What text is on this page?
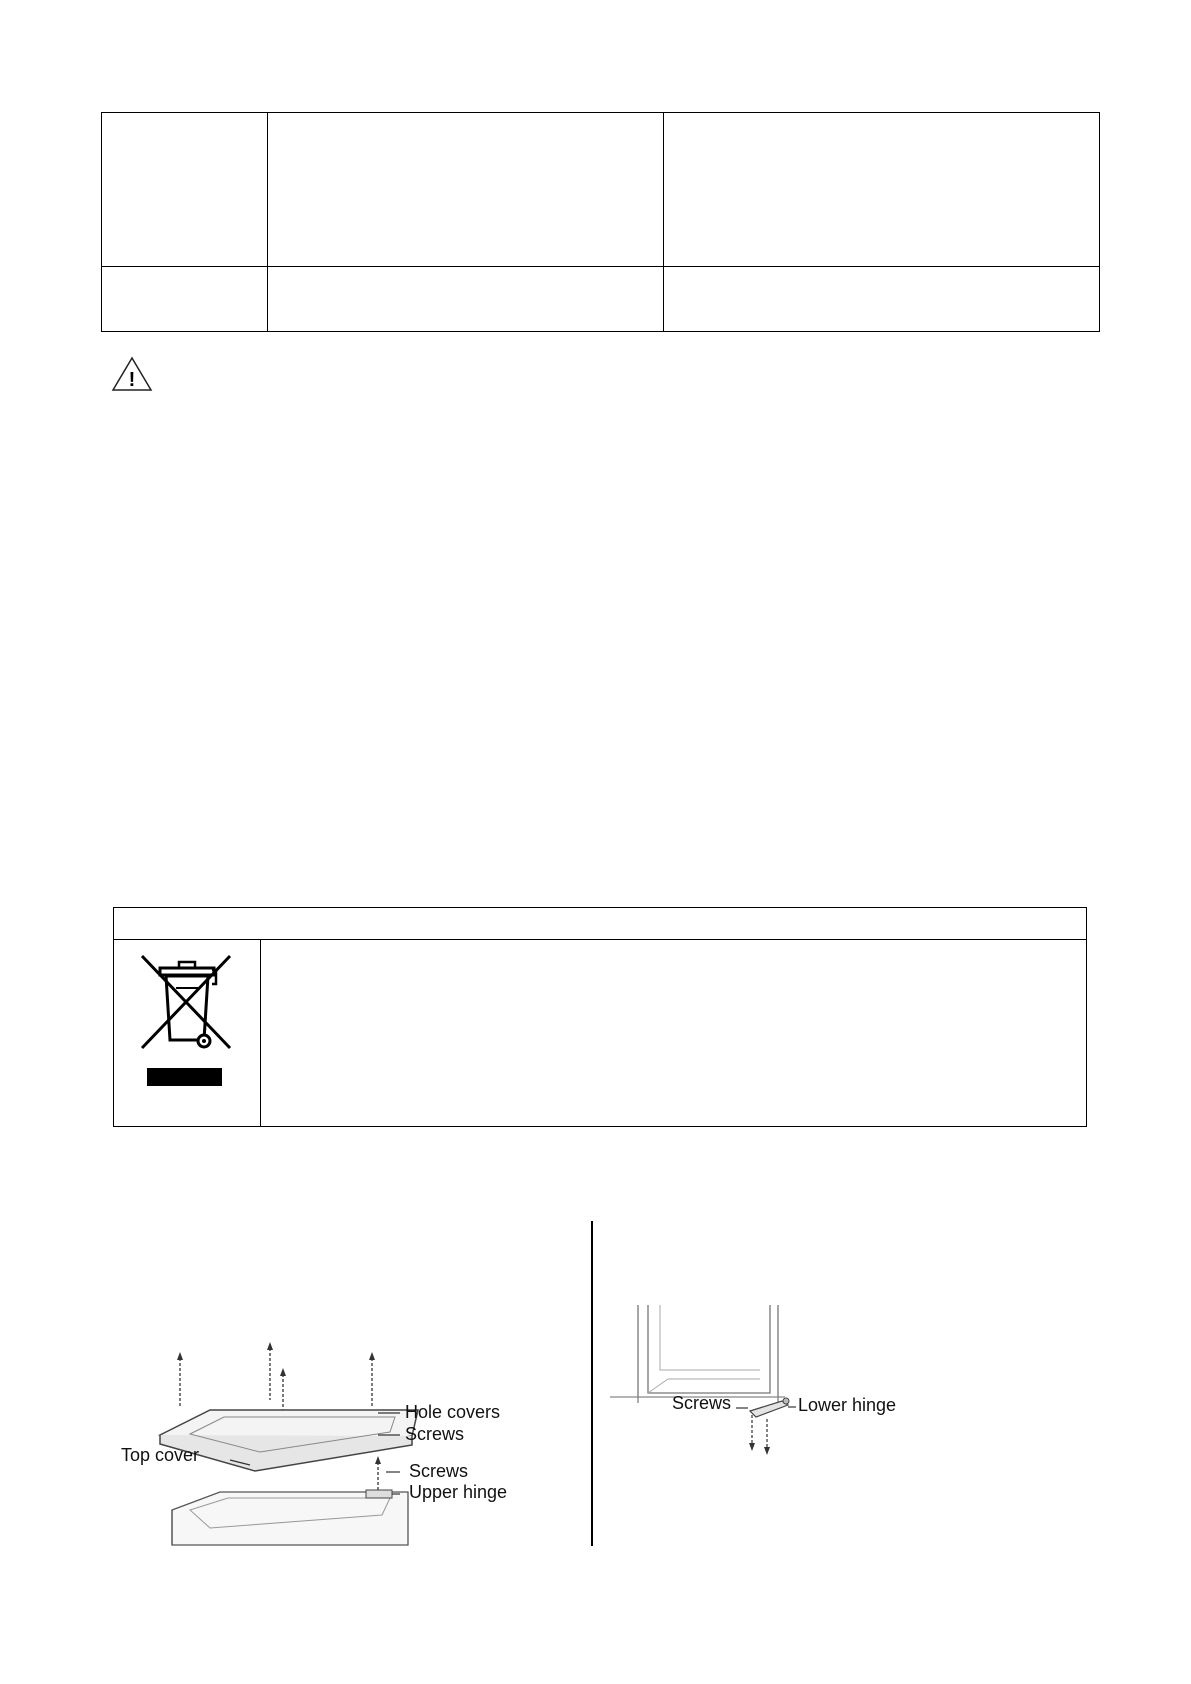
!
Hole covers
Screws
Top cover
Screws
Upper hinge
Screws	Lower hinge
